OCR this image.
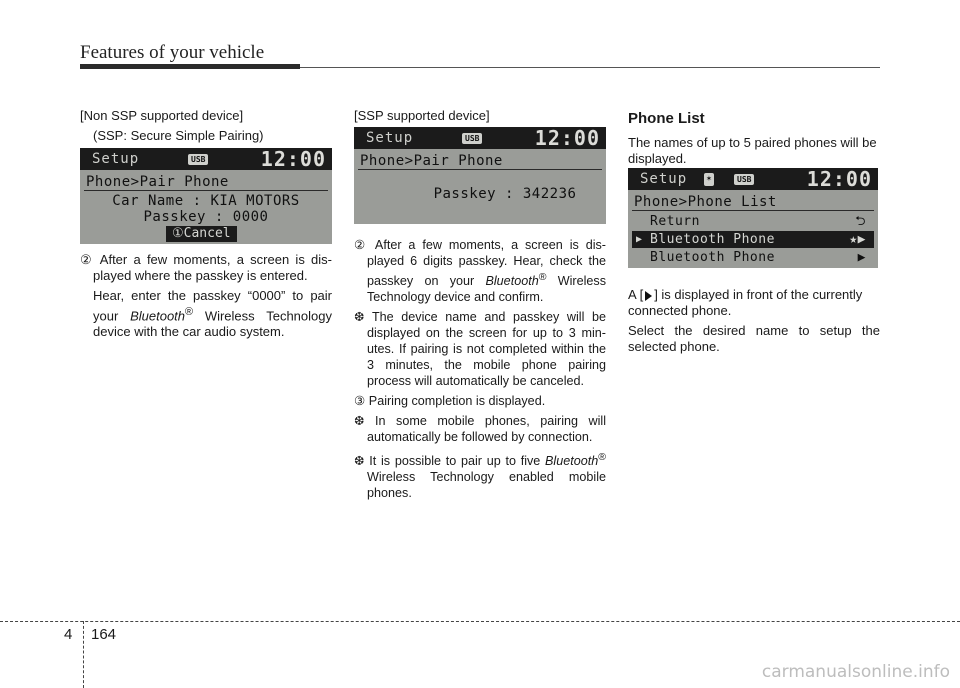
Features of your vehicle

[Non SSP supported device]

(SSP: Secure Simple Pairing)

Setup	USB	12:00
Phone>Pair Phone
Car Name : KIA MOTORS
Passkey : 0000
①Cancel

② After a few moments, a screen is dis-played where the passkey is entered.

Hear, enter the passkey “0000” to pair your Bluetooth® Wireless Technology device with the car audio system.

[SSP supported device]

Setup	USB	12:00
Phone>Pair Phone
Passkey : 342236

② After a few moments, a screen is dis-played 6 digits passkey. Hear, check the passkey on your Bluetooth® Wireless Technology device and confirm.

❆ The device name and passkey will be displayed on the screen for up to 3 min-utes. If pairing is not completed within the 3 minutes, the mobile phone pairing process will automatically be canceled.

③ Pairing completion is displayed.

❆ In some mobile phones, pairing will automatically be followed by connection.

❆ It is possible to pair up to five Bluetooth® Wireless Technology enabled mobile phones.

Phone List

The names of up to 5 paired phones will be displayed.

Setup	✶	USB	12:00
Phone>Phone List
Return	⮌
▶ Bluetooth Phone	★▶
Bluetooth Phone	▶

A [ ] is displayed in front of the currently connected phone.

Select the desired name to setup the selected phone.

4 164
carmanualsonline.info
